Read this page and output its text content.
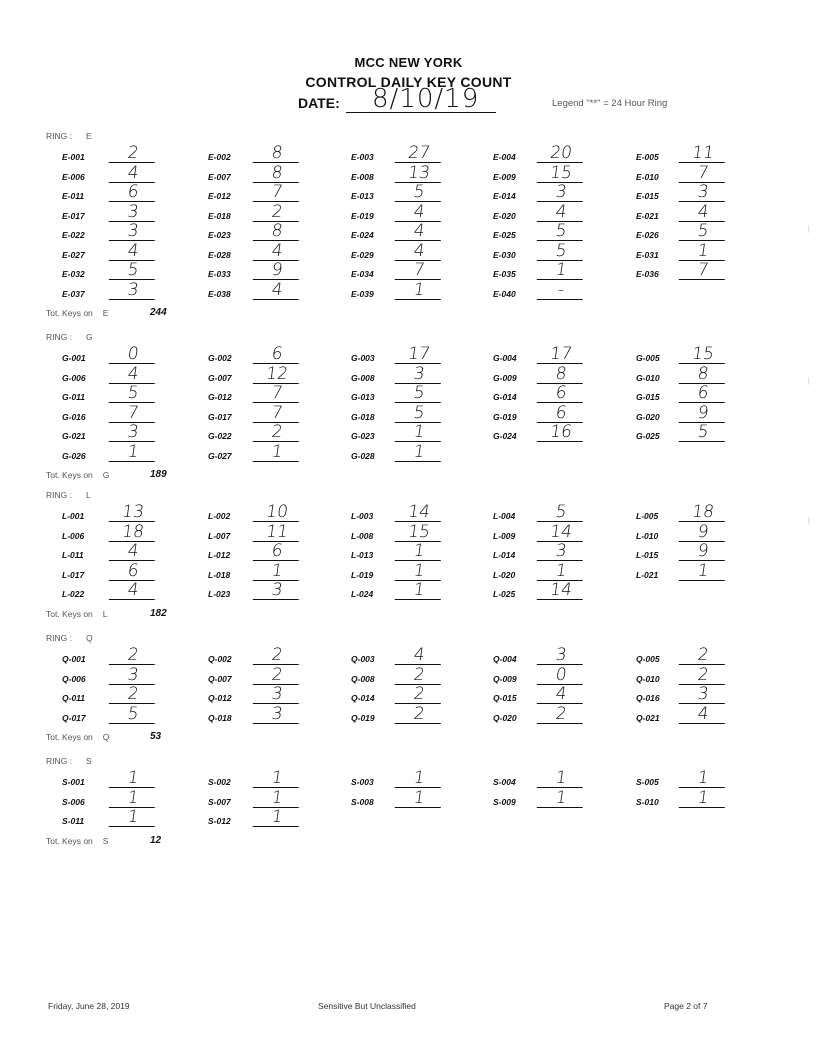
MCC NEW YORK
CONTROL DAILY KEY COUNT
DATE: 8/10/19	Legend "**" = 24 Hour Ring
RING : E
E-001	2	E-002	8	E-003	27	E-004	20	E-005	11
E-006	4	E-007	8	E-008	13	E-009	15	E-010	7
E-011	6	E-012	7	E-013	5	E-014	3	E-015	3
E-017	3	E-018	2	E-019	4	E-020	4	E-021	4
E-022	3	E-023	8	E-024	4	E-025	5	E-026	5
E-027	4	E-028	4	E-029	4	E-030	5	E-031	1
E-032	5	E-033	9	E-034	7	E-035	1	E-036	7
E-037	3	E-038	4	E-039	1	E-040	-
Tot. Keys on E	244
RING : G
G-001	0	G-002	6	G-003	17	G-004	17	G-005	15
G-006	4	G-007	12	G-008	3	G-009	8	G-010	8
G-011	5	G-012	7	G-013	5	G-014	6	G-015	6
G-016	7	G-017	7	G-018	5	G-019	6	G-020	9
G-021	3	G-022	2	G-023	1	G-024	16	G-025	5
G-026	1	G-027	1	G-028	1
Tot. Keys on G	189
RING : L
L-001	13	L-002	10	L-003	14	L-004	5	L-005	18
L-006	18	L-007	11	L-008	15	L-009	14	L-010	9
L-011	4	L-012	6	L-013	1	L-014	3	L-015	9
L-017	6	L-018	1	L-019	1	L-020	1	L-021	1
L-022	4	L-023	3	L-024	1	L-025	14
Tot. Keys on L	182
RING : Q
Q-001	2	Q-002	2	Q-003	4	Q-004	3	Q-005	2
Q-006	3	Q-007	2	Q-008	2	Q-009	0	Q-010	2
Q-011	2	Q-012	3	Q-014	2	Q-015	4	Q-016	3
Q-017	5	Q-018	3	Q-019	2	Q-020	2	Q-021	4
Tot. Keys on Q	53
RING : S
S-001	1	S-002	1	S-003	1	S-004	1	S-005	1
S-006	1	S-007	1	S-008	1	S-009	1	S-010	1
S-011	1	S-012	1
Tot. Keys on S	12
|
|
|
Friday, June 28, 2019	Sensitive But Unclassified	Page 2 of 7
